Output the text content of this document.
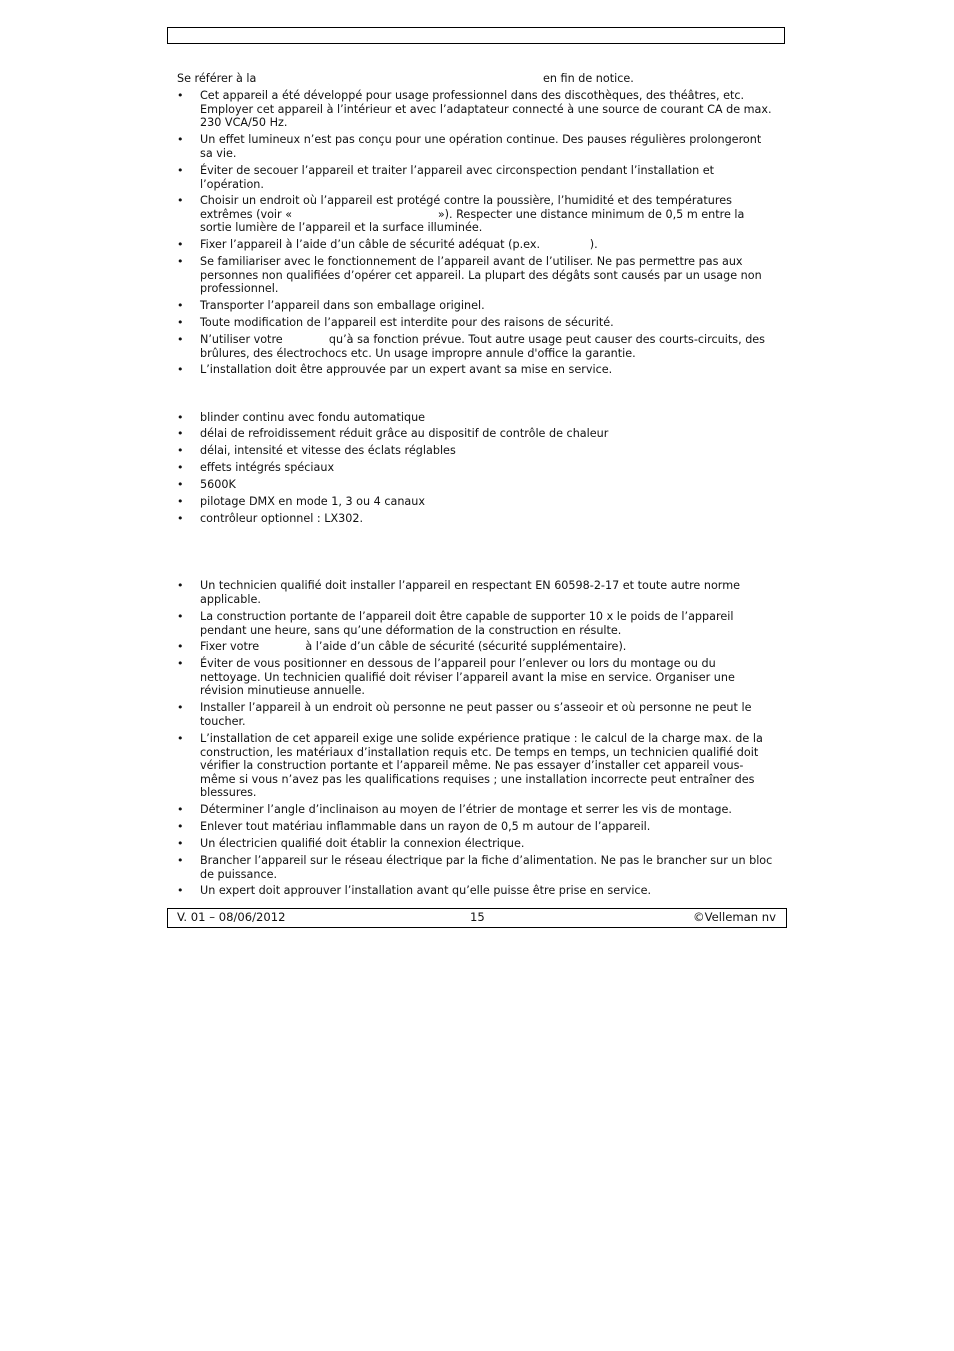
Se référer à la	en fin de notice.
• Cet appareil a été développé pour usage professionnel dans des discothèques, des théâtres, etc. Employer cet appareil à l’intérieur et avec l’adaptateur connecté à une source de courant CA de max. 230 VCA/50 Hz.
• Un effet lumineux n’est pas conçu pour une opération continue. Des pauses régulières prolongeront sa vie.
• Éviter de secouer l’appareil et traiter l’appareil avec circonspection pendant l’installation et l’opération.
• Choisir un endroit où l’appareil est protégé contre la poussière, l’humidité et des températures extrêmes (voir «                                         »). Respecter une distance minimum de 0,5 m entre la sortie lumière de l’appareil et la surface illuminée.
• Fixer l’appareil à l’aide d’un câble de sécurité adéquat (p.ex.              ).
• Se familiariser avec le fonctionnement de l’appareil avant de l’utiliser. Ne pas permettre pas aux personnes non qualifiées d’opérer cet appareil. La plupart des dégâts sont causés par un usage non professionnel.
• Transporter l’appareil dans son emballage originel.
• Toute modification de l’appareil est interdite pour des raisons de sécurité.
• N’utiliser votre             qu’à sa fonction prévue. Tout autre usage peut causer des courts-circuits, des brûlures, des électrochocs etc. Un usage impropre annule d'office la garantie.
• L’installation doit être approuvée par un expert avant sa mise en service.
• blinder continu avec fondu automatique
• délai de refroidissement réduit grâce au dispositif de contrôle de chaleur
• délai, intensité et vitesse des éclats réglables
• effets intégrés spéciaux
• 5600K
• pilotage DMX en mode 1, 3 ou 4 canaux
• contrôleur optionnel : LX302.
• Un technicien qualifié doit installer l’appareil en respectant EN 60598-2-17 et toute autre norme applicable.
• La construction portante de l’appareil doit être capable de supporter 10 x le poids de l’appareil pendant une heure, sans qu’une déformation de la construction en résulte.
• Fixer votre             à l’aide d’un câble de sécurité (sécurité supplémentaire).
• Éviter de vous positionner en dessous de l’appareil pour l’enlever ou lors du montage ou du nettoyage. Un technicien qualifié doit réviser l’appareil avant la mise en service. Organiser une révision minutieuse annuelle.
• Installer l’appareil à un endroit où personne ne peut passer ou s’asseoir et où personne ne peut le toucher.
• L’installation de cet appareil exige une solide expérience pratique : le calcul de la charge max. de la construction, les matériaux d’installation requis etc. De temps en temps, un technicien qualifié doit vérifier la construction portante et l’appareil même. Ne pas essayer d’installer cet appareil vous-même si vous n’avez pas les qualifications requises ; une installation incorrecte peut entraîner des blessures.
• Déterminer l’angle d’inclinaison au moyen de l’étrier de montage et serrer les vis de montage.
• Enlever tout matériau inflammable dans un rayon de 0,5 m autour de l’appareil.
• Un électricien qualifié doit établir la connexion électrique.
• Brancher l’appareil sur le réseau électrique par la fiche d’alimentation. Ne pas le brancher sur un bloc de puissance.
• Un expert doit approuver l’installation avant qu’elle puisse être prise en service.
V. 01 – 08/06/2012	15	©Velleman nv
